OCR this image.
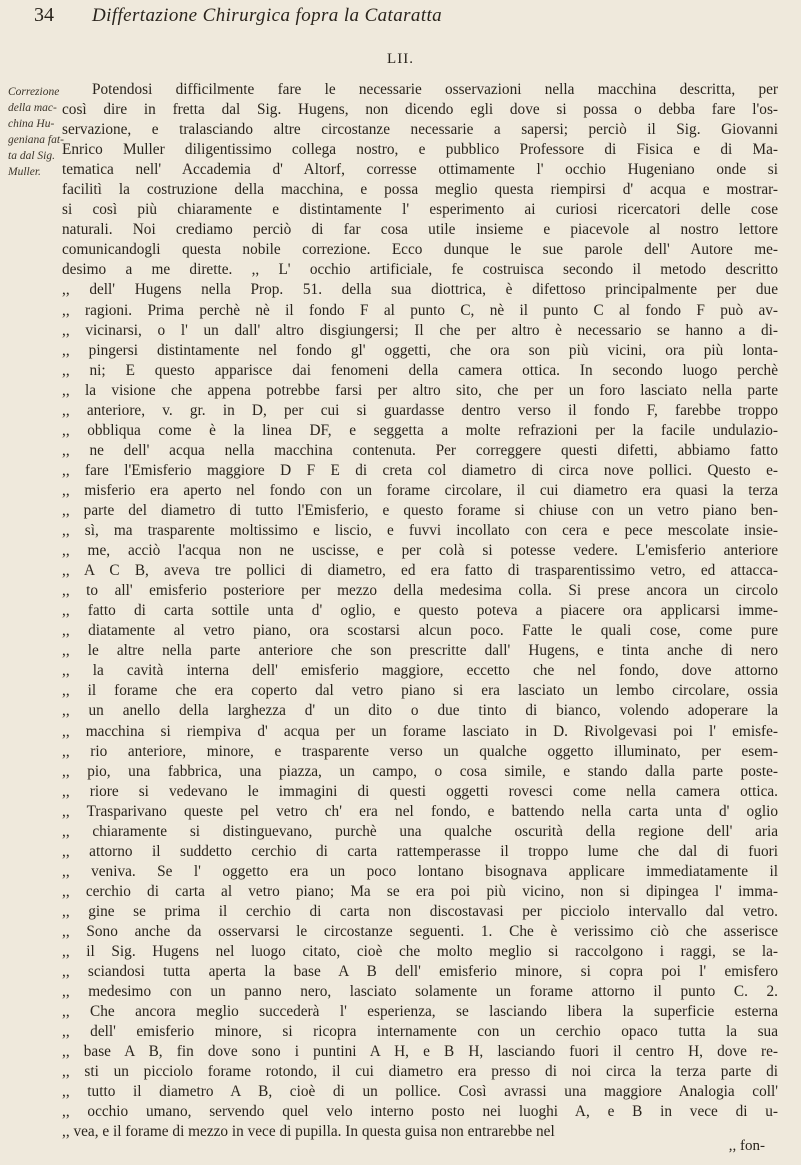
34 Differtazione Chirurgica fopra la Cataratta
LII.
Correzione
della mac-
china Hu-
geniana fat-
ta dal Sig.
Muller.
Potendosi difficilmente fare le necessarie osservazioni nella macchina descritta, per
così dire in fretta dal Sig. Hugens, non dicendo egli dove si possa o debba fare l'os-
servazione, e tralasciando altre circostanze necessarie a sapersi; perciò il Sig. Giovanni
Enrico Muller diligentissimo collega nostro, e pubblico Professore di Fisica e di Ma-
tematica nell' Accademia d' Altorf, corresse ottimamente l' occhio Hugeniano onde si
facilitì la costruzione della macchina, e possa meglio questa riempirsi d' acqua e mostrar-
si così più chiaramente e distintamente l' esperimento ai curiosi ricercatori delle cose
naturali. Noi crediamo perciò di far cosa utile insieme e piacevole al nostro lettore
comunicandogli questa nobile correzione. Ecco dunque le sue parole dell' Autore me-
desimo a me dirette. ,, L' occhio artificiale, fe costruisca secondo il metodo descritto
,, dell' Hugens nella Prop. 51. della sua diottrica, è difettoso principalmente per due
,, ragioni. Prima perchè nè il fondo F al punto C, nè il punto C al fondo F può av-
,, vicinarsi, o l' un dall' altro disgiungersi; Il che per altro è necessario se hanno a di-
,, pingersi distintamente nel fondo gl' oggetti, che ora son più vicini, ora più lonta-
,, ni; E questo apparisce dai fenomeni della camera ottica. In secondo luogo perchè
,, la visione che appena potrebbe farsi per altro sito, che per un foro lasciato nella parte
,, anteriore, v. gr. in D, per cui si guardasse dentro verso il fondo F, farebbe troppo
,, obbliqua come è la linea DF, e seggetta a molte refrazioni per la facile undulazio-
,, ne dell' acqua nella macchina contenuta. Per correggere questi difetti, abbiamo fatto
,, fare l'Emisferio maggiore D F E di creta col diametro di circa nove pollici. Questo e-
,, misferio era aperto nel fondo con un forame circolare, il cui diametro era quasi la terza
,, parte del diametro di tutto l'Emisferio, e questo forame si chiuse con un vetro piano ben-
,, sì, ma trasparente moltissimo e liscio, e fuvvi incollato con cera e pece mescolate insie-
,, me, acciò l'acqua non ne uscisse, e per colà si potesse vedere. L'emisferio anteriore
,, A C B, aveva tre pollici di diametro, ed era fatto di trasparentissimo vetro, ed attacca-
,, to all' emisferio posteriore per mezzo della medesima colla. Si prese ancora un circolo
,, fatto di carta sottile unta d' oglio, e questo poteva a piacere ora applicarsi imme-
,, diatamente al vetro piano, ora scostarsi alcun poco. Fatte le quali cose, come pure
,, le altre nella parte anteriore che son prescritte dall' Hugens, e tinta anche di nero
,, la cavità interna dell' emisferio maggiore, eccetto che nel fondo, dove attorno
,, il forame che era coperto dal vetro piano si era lasciato un lembo circolare, ossia
,, un anello della larghezza d' un dito o due tinto di bianco, volendo adoperare la
,, macchina si riempiva d' acqua per un forame lasciato in D. Rivolgevasi poi l' emisfe-
,, rio anteriore, minore, e trasparente verso un qualche oggetto illuminato, per esem-
,, pio, una fabbrica, una piazza, un campo, o cosa simile, e stando dalla parte poste-
,, riore si vedevano le immagini di questi oggetti rovesci come nella camera ottica.
,, Trasparivano queste pel vetro ch' era nel fondo, e battendo nella carta unta d' oglio
,, chiaramente si distinguevano, purchè una qualche oscurità della regione dell' aria
,, attorno il suddetto cerchio di carta rattemperasse il troppo lume che dal di fuori
,, veniva. Se l' oggetto era un poco lontano bisognava applicare immediatamente il
,, cerchio di carta al vetro piano; Ma se era poi più vicino, non si dipingea l' imma-
,, gine se prima il cerchio di carta non discostavasi per picciolo intervallo dal vetro.
,, Sono anche da osservarsi le circostanze seguenti. 1. Che è verissimo ciò che asserisce
,, il Sig. Hugens nel luogo citato, cioè che molto meglio si raccolgono i raggi, se la-
,, sciandosi tutta aperta la base A B dell' emisferio minore, si copra poi l' emisfero
,, medesimo con un panno nero, lasciato solamente un forame attorno il punto C. 2.
,, Che ancora meglio succederà l' esperienza, se lasciando libera la superficie esterna
,, dell' emisferio minore, si ricopra internamente con un cerchio opaco tutta la sua
,, base A B, fin dove sono i puntini A H, e B H, lasciando fuori il centro H, dove re-
,, sti un picciolo forame rotondo, il cui diametro era presso di noi circa la terza parte di
,, tutto il diametro A B, cioè di un pollice. Così avrassi una maggiore Analogia coll'
,, occhio umano, servendo quel velo interno posto nei luoghi A, e B in vece di u-
,, vea, e il forame di mezzo in vece di pupilla. In questa guisa non entrarebbe nel
,, fon-
